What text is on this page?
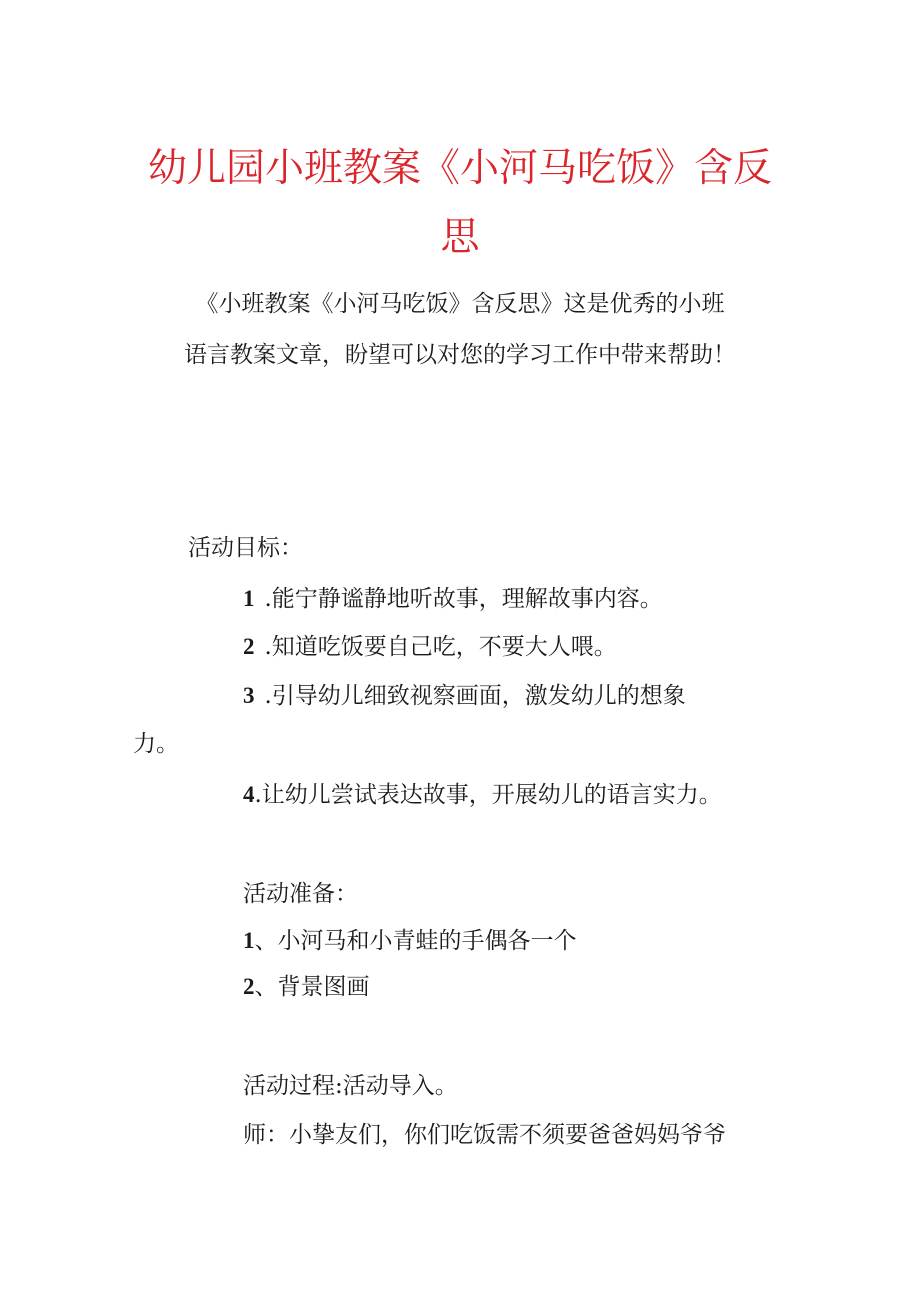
幼儿园小班教案《小河马吃饭》含反
思
《小班教案《小河马吃饭》含反思》这是优秀的小班
语言教案文章，盼望可以对您的学习工作中带来帮助！
活动目标：
1 .能宁静谧静地听故事，理解故事内容。
2 .知道吃饭要自己吃，不要大人喂。
3 .引导幼儿细致视察画面，激发幼儿的想象
力。
4.让幼儿尝试表达故事，开展幼儿的语言实力。
活动准备：
1、小河马和小青蛙的手偶各一个
2、背景图画
活动过程:活动导入。
师：小挚友们，你们吃饭需不须要爸爸妈妈爷爷
